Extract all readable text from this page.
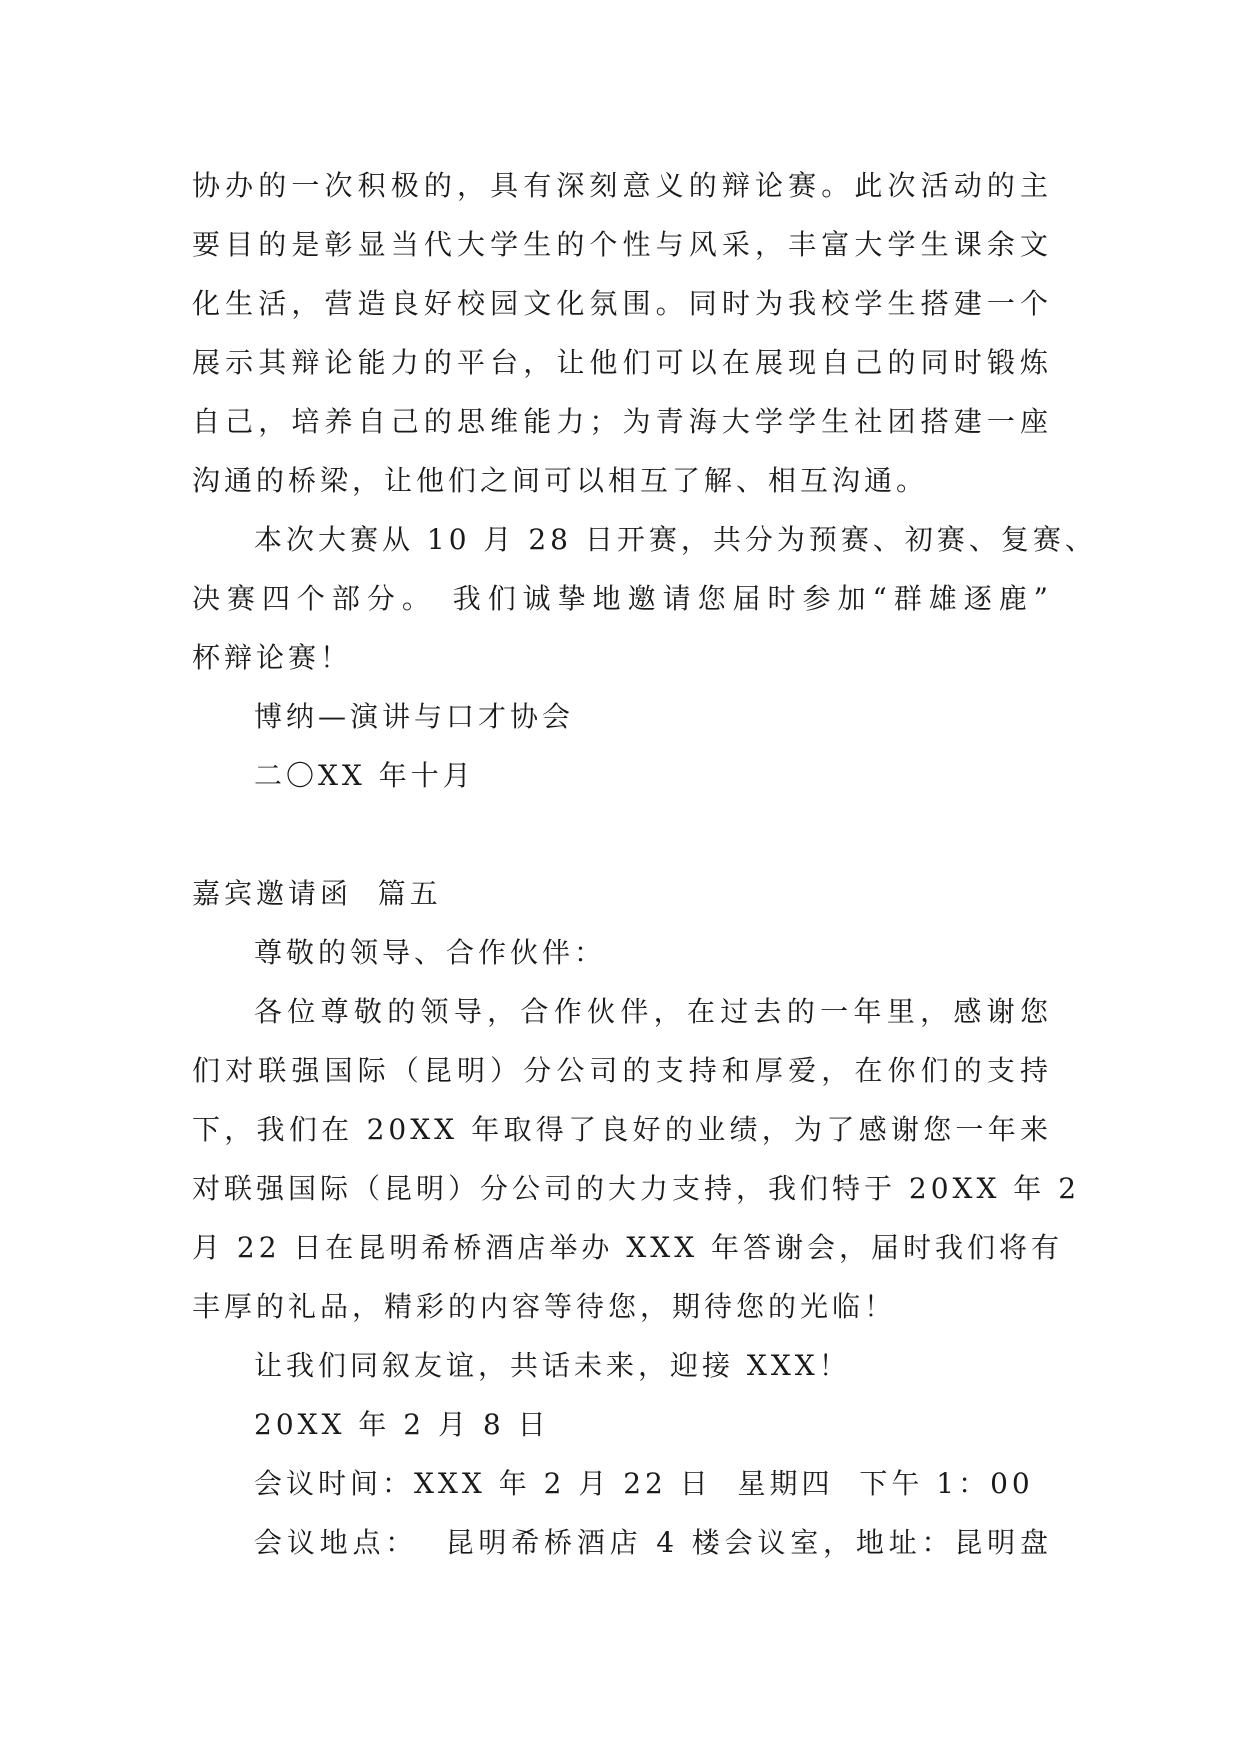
协办的一次积极的，具有深刻意义的辩论赛。此次活动的主
要目的是彰显当代大学生的个性与风采，丰富大学生课余文
化生活，营造良好校园文化氛围。同时为我校学生搭建一个
展示其辩论能力的平台，让他们可以在展现自己的同时锻炼
自己，培养自己的思维能力；为青海大学学生社团搭建一座
沟通的桥梁，让他们之间可以相互了解、相互沟通。
本次大赛从 10 月 28 日开赛，共分为预赛、初赛、复赛、
决赛四个部分。 我们诚挚地邀请您届时参加“群雄逐鹿”
杯辩论赛！
博纳—演讲与口才协会
二〇XX 年十月
嘉宾邀请函  篇五
尊敬的领导、合作伙伴：
各位尊敬的领导，合作伙伴，在过去的一年里，感谢您
们对联强国际（昆明）分公司的支持和厚爱，在你们的支持
下，我们在 20XX 年取得了良好的业绩，为了感谢您一年来
对联强国际（昆明）分公司的大力支持，我们特于 20XX 年 2
月 22 日在昆明希桥酒店举办 XXX 年答谢会，届时我们将有
丰厚的礼品，精彩的内容等待您，期待您的光临！
让我们同叙友谊，共话未来，迎接 XXX！
20XX 年 2 月 8 日
会议时间：XXX 年 2 月 22 日  星期四  下午 1：00
会议地点：  昆明希桥酒店 4 楼会议室，地址：昆明盘
